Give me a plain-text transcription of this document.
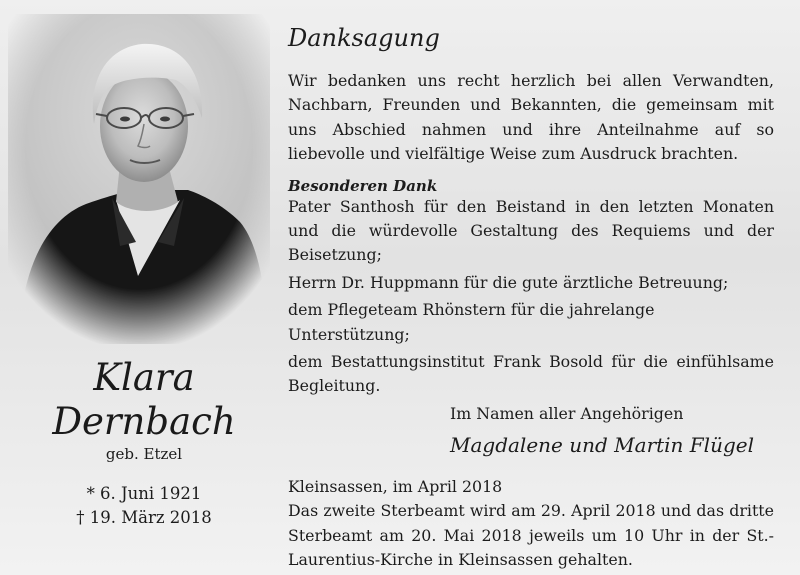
Klara
Dernbach
geb. Etzel
* 6. Juni 1921
† 19. März 2018
Danksagung
Wir bedanken uns recht herzlich bei allen Verwandten, Nachbarn, Freunden und Bekannten, die gemeinsam mit uns Abschied nahmen und ihre Anteilnahme auf so liebevolle und vielfältige Weise zum Ausdruck brachten.
Besonderen Dank
Pater Santhosh für den Beistand in den letzten Monaten und die würdevolle Gestaltung des Requiems und der Beisetzung;
Herrn Dr. Huppmann für die gute ärztliche Betreuung;
dem Pflegeteam Rhönstern für die jahrelange Unterstützung;
dem Bestattungsinstitut Frank Bosold für die einfühlsame Begleitung.
Im Namen aller Angehörigen
Magdalene und Martin Flügel
Kleinsassen, im April 2018
Das zweite Sterbeamt wird am 29. April 2018 und das dritte Sterbeamt am 20. Mai 2018 jeweils um 10 Uhr in der St.-Laurentius-Kirche in Kleinsassen gehalten.
